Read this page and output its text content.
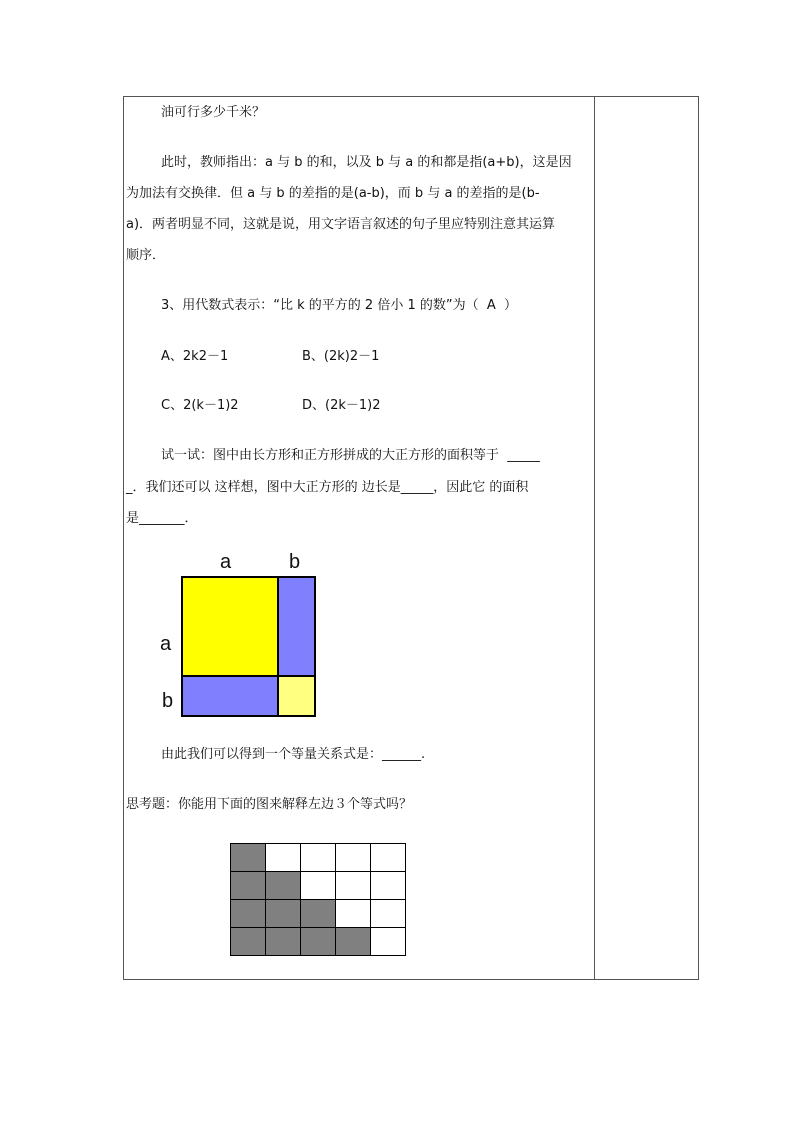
油可行多少千米？
此时，教师指出：a 与 b 的和，以及 b 与 a 的和都是指(a+b)，这是因
为加法有交换律．但 a 与 b 的差指的是(a-b)，而 b 与 a 的差指的是(b-
a)．两者明显不同，这就是说，用文字语言叙述的句子里应特别注意其运算
顺序．
3、用代数式表示：“比 k 的平方的 2 倍小 1 的数”为（  A  ）
A、2k2－1	B、(2k)2－1
C、2(k－1)2	D、(2k－1)2
试一试：图中由长方形和正方形拼成的大正方形的面积等于  _____
_．我们还可以 这样想，图中大正方形的 边长是_____，因此它 的面积
是_______．
a	b
a
b
由此我们可以得到一个等量关系式是：______.
思考题：你能用下面的图来解释左边３个等式吗？
